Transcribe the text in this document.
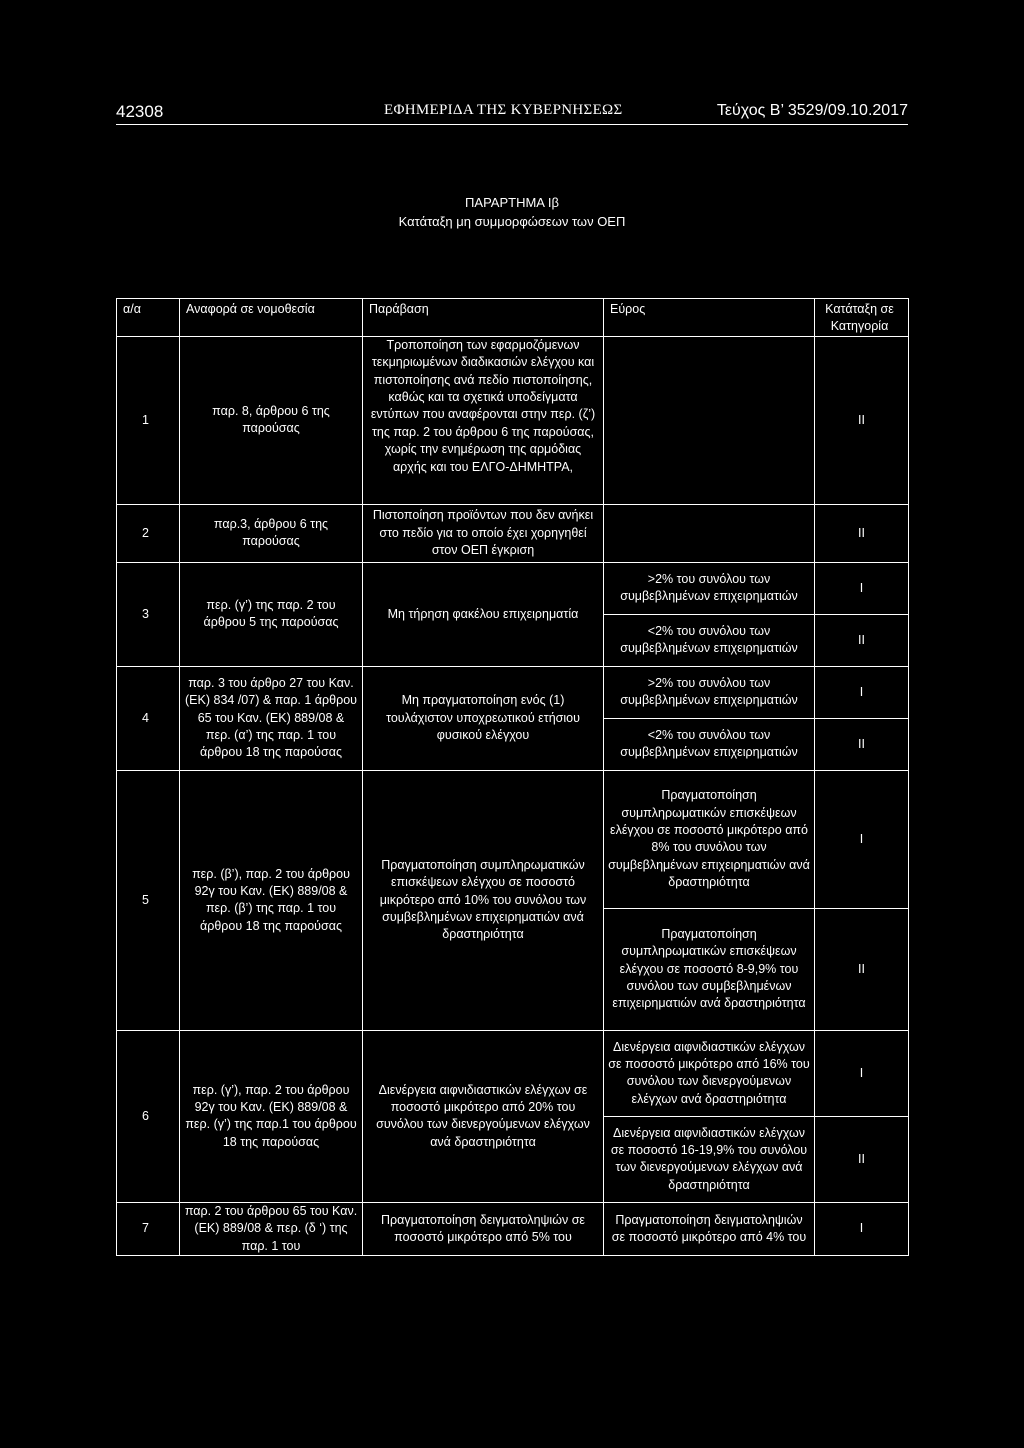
42308	ΕΦΗΜΕΡΙΔΑ ΤΗΣ ΚΥΒΕΡΝΗΣΕΩΣ	Τεύχος Β’ 3529/09.10.2017
ΠΑΡΑΡΤΗΜΑ Ιβ
Κατάταξη μη συμμορφώσεων των ΟΕΠ
α/α	Αναφορά σε νομοθεσία	Παράβαση	Εύρος	Κατάταξη σε Κατηγορία
1	παρ. 8, άρθρου 6 της παρούσας	Τροποποίηση των εφαρμοζόμενων τεκμηριωμένων διαδικασιών ελέγχου και πιστοποίησης ανά πεδίο πιστοποίησης, καθώς και τα σχετικά υποδείγματα εντύπων που αναφέρονται στην περ. (ζ’) της παρ. 2 του άρθρου 6 της παρούσας, χωρίς την ενημέρωση της αρμόδιας αρχής και του ΕΛΓΟ-ΔΗΜΗΤΡΑ,		ΙΙ
2	παρ.3, άρθρου 6 της παρούσας	Πιστοποίηση προϊόντων που δεν ανήκει στο πεδίο για το οποίο έχει χορηγηθεί στον ΟΕΠ έγκριση		ΙΙ
3	περ. (γ’) της παρ. 2 του άρθρου 5 της παρούσας	Μη τήρηση φακέλου επιχειρηματία	>2% του συνόλου των συμβεβλημένων επιχειρηματιών	Ι
			<2% του συνόλου των συμβεβλημένων επιχειρηματιών	ΙΙ
4	παρ. 3 του άρθρο 27 του Καν. (ΕΚ) 834 /07) & παρ. 1 άρθρου 65 του Καν. (ΕΚ) 889/08 & περ. (α’) της παρ. 1 του άρθρου 18 της παρούσας	Μη πραγματοποίηση ενός (1) τουλάχιστον υποχρεωτικού ετήσιου φυσικού ελέγχου	>2% του συνόλου των συμβεβλημένων επιχειρηματιών	Ι
			<2% του συνόλου των συμβεβλημένων επιχειρηματιών	ΙΙ
5	περ. (β’), παρ. 2 του άρθρου 92γ του Καν. (ΕΚ) 889/08 & περ. (β’) της παρ. 1 του άρθρου 18 της παρούσας	Πραγματοποίηση συμπληρωματικών επισκέψεων ελέγχου σε ποσοστό μικρότερο από 10% του συνόλου των συμβεβλημένων επιχειρηματιών ανά δραστηριότητα	Πραγματοποίηση συμπληρωματικών επισκέψεων ελέγχου σε ποσοστό μικρότερο από 8% του συνόλου των συμβεβλημένων επιχειρηματιών ανά δραστηριότητα	Ι
			Πραγματοποίηση συμπληρωματικών επισκέψεων ελέγχου σε ποσοστό 8-9,9% του συνόλου των συμβεβλημένων επιχειρηματιών ανά δραστηριότητα	ΙΙ
6	περ. (γ’), παρ. 2 του άρθρου 92γ του Καν. (ΕΚ) 889/08 & περ. (γ’) της παρ.1 του άρθρου 18 της παρούσας	Διενέργεια αιφνιδιαστικών ελέγχων σε ποσοστό μικρότερο από 20% του συνόλου των διενεργούμενων ελέγχων ανά δραστηριότητα	Διενέργεια αιφνιδιαστικών ελέγχων σε ποσοστό μικρότερο από 16% του συνόλου των διενεργούμενων ελέγχων ανά δραστηριότητα	Ι
			Διενέργεια αιφνιδιαστικών ελέγχων σε ποσοστό 16-19,9% του συνόλου των διενεργούμενων ελέγχων ανά δραστηριότητα	ΙΙ
7	παρ. 2 του άρθρου 65 του Καν. (ΕΚ) 889/08 & περ. (δ ‘) της παρ. 1 του	Πραγματοποίηση δειγματοληψιών σε ποσοστό μικρότερο από 5% του	Πραγματοποίηση δειγματοληψιών σε ποσοστό μικρότερο από 4% του	Ι
